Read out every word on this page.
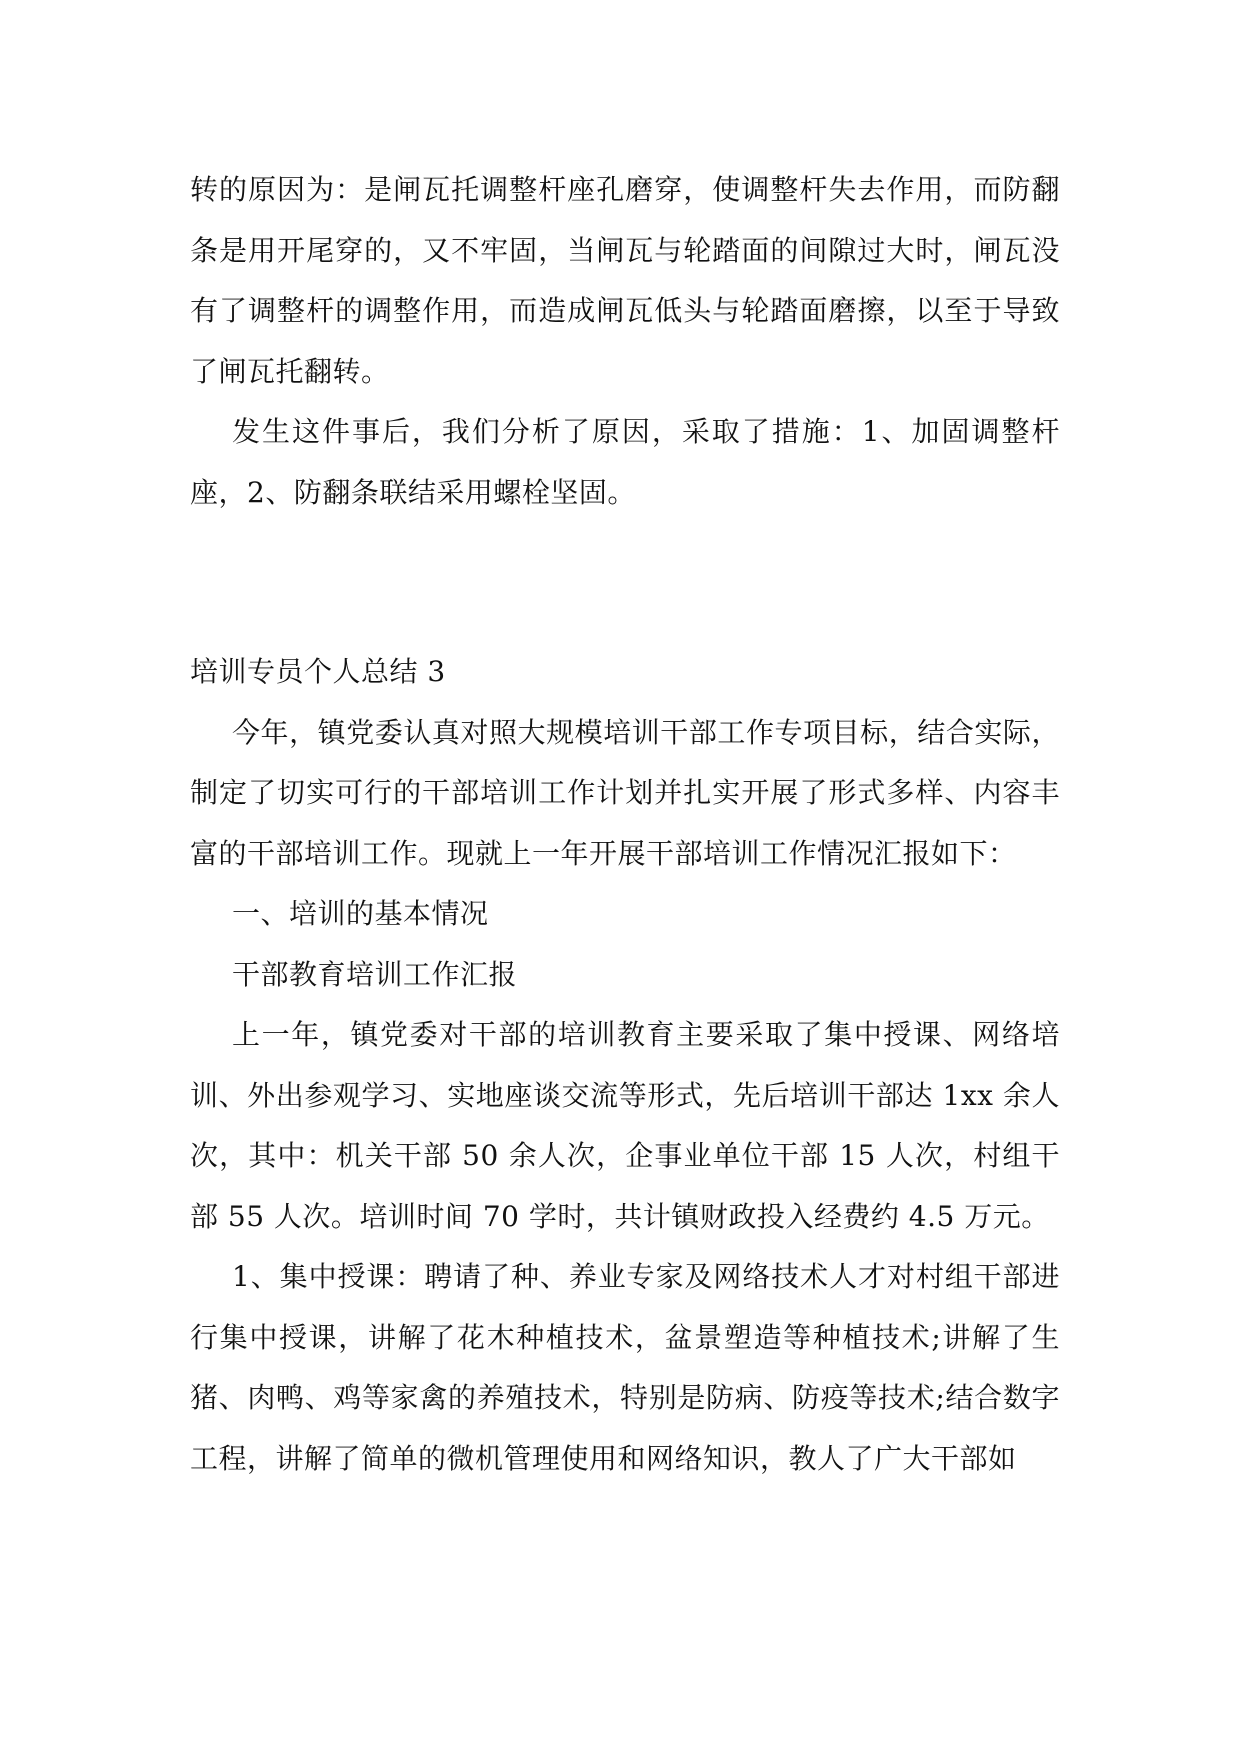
转的原因为：是闸瓦托调整杆座孔磨穿，使调整杆失去作用，而防翻条是用开尾穿的，又不牢固，当闸瓦与轮踏面的间隙过大时，闸瓦没有了调整杆的调整作用，而造成闸瓦低头与轮踏面磨擦，以至于导致了闸瓦托翻转。

发生这件事后，我们分析了原因，采取了措施：1、加固调整杆座，2、防翻条联结采用螺栓坚固。

培训专员个人总结 3

今年，镇党委认真对照大规模培训干部工作专项目标，结合实际，制定了切实可行的干部培训工作计划并扎实开展了形式多样、内容丰富的干部培训工作。现就上一年开展干部培训工作情况汇报如下：

一、培训的基本情况

干部教育培训工作汇报

上一年，镇党委对干部的培训教育主要采取了集中授课、网络培训、外出参观学习、实地座谈交流等形式，先后培训干部达 1xx 余人次，其中：机关干部 50 余人次，企事业单位干部 15 人次，村组干部 55 人次。培训时间 70 学时，共计镇财政投入经费约 4.5 万元。

1、集中授课：聘请了种、养业专家及网络技术人才对村组干部进行集中授课，讲解了花木种植技术，盆景塑造等种植技术;讲解了生猪、肉鸭、鸡等家禽的养殖技术，特别是防病、防疫等技术;结合数字工程，讲解了简单的微机管理使用和网络知识，教人了广大干部如
